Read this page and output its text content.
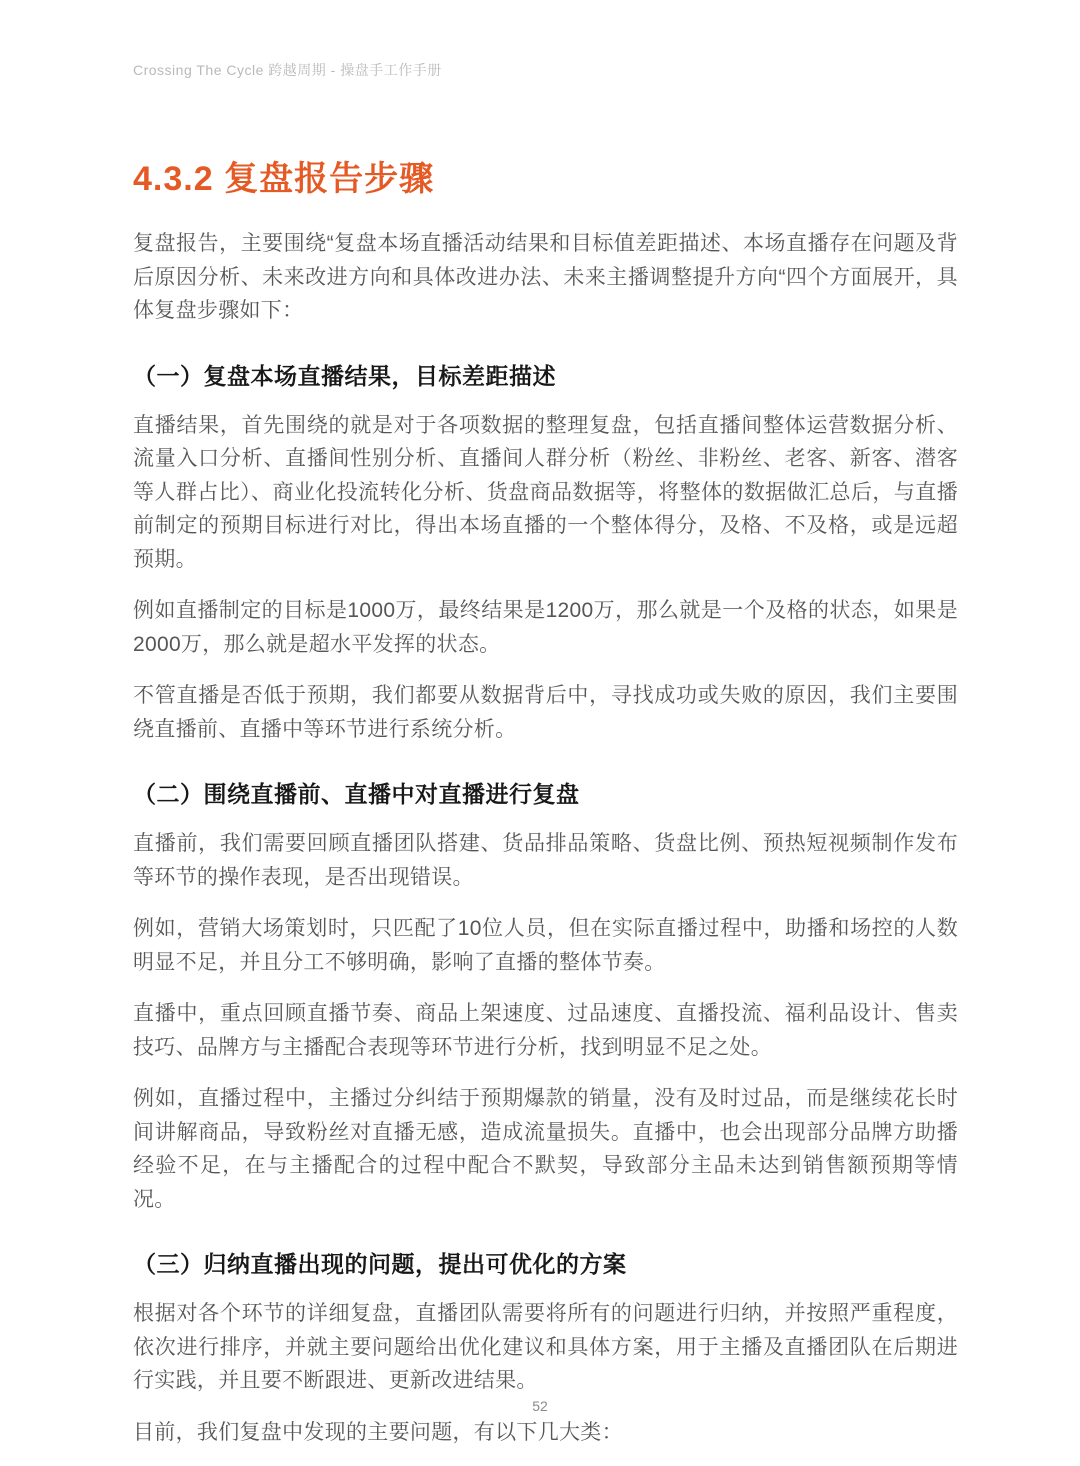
Crossing The Cycle 跨越周期 - 操盘手工作手册
4.3.2 复盘报告步骤

复盘报告，主要围绕“复盘本场直播活动结果和目标值差距描述、本场直播存在问题及背后原因分析、未来改进方向和具体改进办法、未来主播调整提升方向“四个方面展开，具体复盘步骤如下：

（一）复盘本场直播结果，目标差距描述

直播结果，首先围绕的就是对于各项数据的整理复盘，包括直播间整体运营数据分析、流量入口分析、直播间性别分析、直播间人群分析（粉丝、非粉丝、老客、新客、潜客等人群占比）、商业化投流转化分析、货盘商品数据等，将整体的数据做汇总后，与直播前制定的预期目标进行对比，得出本场直播的一个整体得分，及格、不及格，或是远超预期。

例如直播制定的目标是1000万，最终结果是1200万，那么就是一个及格的状态，如果是2000万，那么就是超水平发挥的状态。

不管直播是否低于预期，我们都要从数据背后中，寻找成功或失败的原因，我们主要围绕直播前、直播中等环节进行系统分析。

（二）围绕直播前、直播中对直播进行复盘

直播前，我们需要回顾直播团队搭建、货品排品策略、货盘比例、预热短视频制作发布等环节的操作表现，是否出现错误。

例如，营销大场策划时，只匹配了10位人员，但在实际直播过程中，助播和场控的人数明显不足，并且分工不够明确，影响了直播的整体节奏。

直播中，重点回顾直播节奏、商品上架速度、过品速度、直播投流、福利品设计、售卖技巧、品牌方与主播配合表现等环节进行分析，找到明显不足之处。

例如，直播过程中，主播过分纠结于预期爆款的销量，没有及时过品，而是继续花长时间讲解商品，导致粉丝对直播无感，造成流量损失。直播中，也会出现部分品牌方助播经验不足，在与主播配合的过程中配合不默契，导致部分主品未达到销售额预期等情况。

（三）归纳直播出现的问题，提出可优化的方案

根据对各个环节的详细复盘，直播团队需要将所有的问题进行归纳，并按照严重程度，依次进行排序，并就主要问题给出优化建议和具体方案，用于主播及直播团队在后期进行实践，并且要不断跟进、更新改进结果。

目前，我们复盘中发现的主要问题，有以下几大类：

52
